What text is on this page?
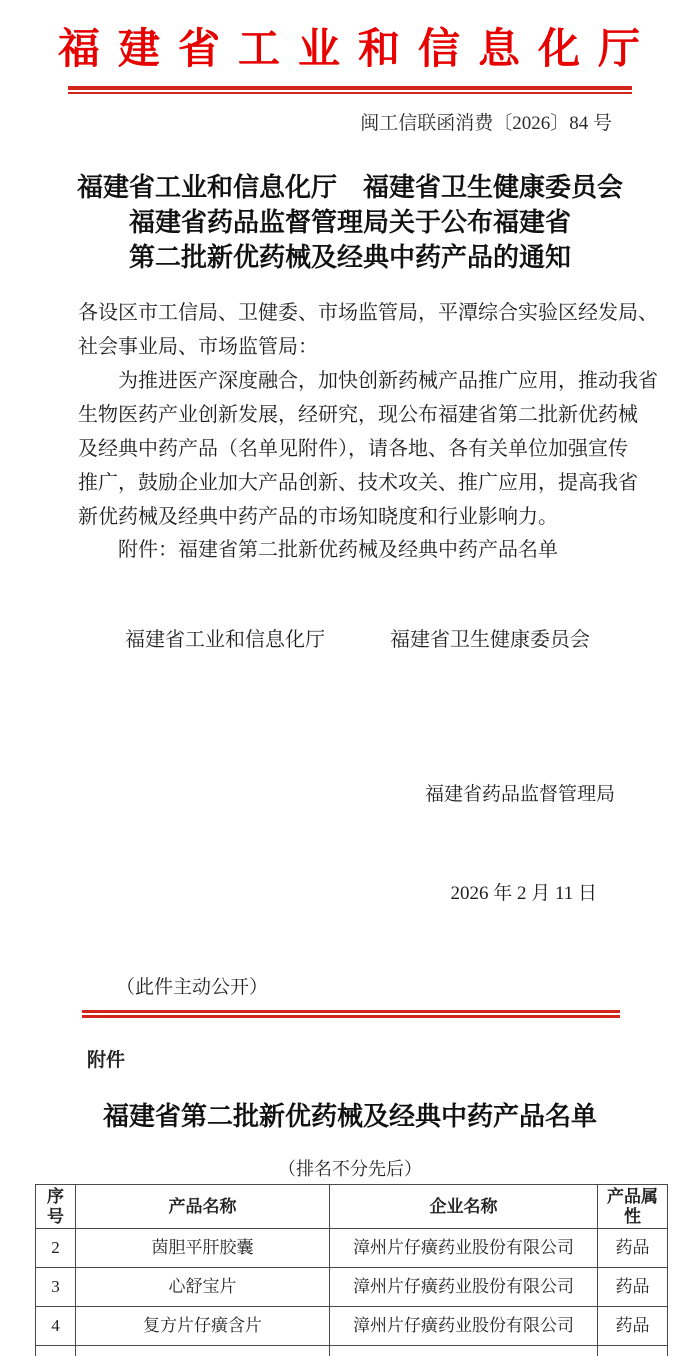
福建省工业和信息化厅
闽工信联函消费〔2026〕84 号
福建省工业和信息化厅　福建省卫生健康委员会
福建省药品监督管理局关于公布福建省
第二批新优药械及经典中药产品的通知
各设区市工信局、卫健委、市场监管局，平潭综合实验区经发局、
社会事业局、市场监管局：
　　为推进医产深度融合，加快创新药械产品推广应用，推动我省
生物医药产业创新发展，经研究，现公布福建省第二批新优药械
及经典中药产品（名单见附件），请各地、各有关单位加强宣传
推广，鼓励企业加大产品创新、技术攻关、推广应用，提高我省
新优药械及经典中药产品的市场知晓度和行业影响力。
附件：福建省第二批新优药械及经典中药产品名单
福建省工业和信息化厅	福建省卫生健康委员会

福建省药品监督管理局

2026 年 2 月 11 日

（此件主动公开）
附件
福建省第二批新优药械及经典中药产品名单
（排名不分先后）
序号	产品名称	企业名称	产品属性
2	茵胆平肝胶囊	漳州片仔癀药业股份有限公司	药品
3	心舒宝片	漳州片仔癀药业股份有限公司	药品
4	复方片仔癀含片	漳州片仔癀药业股份有限公司	药品
